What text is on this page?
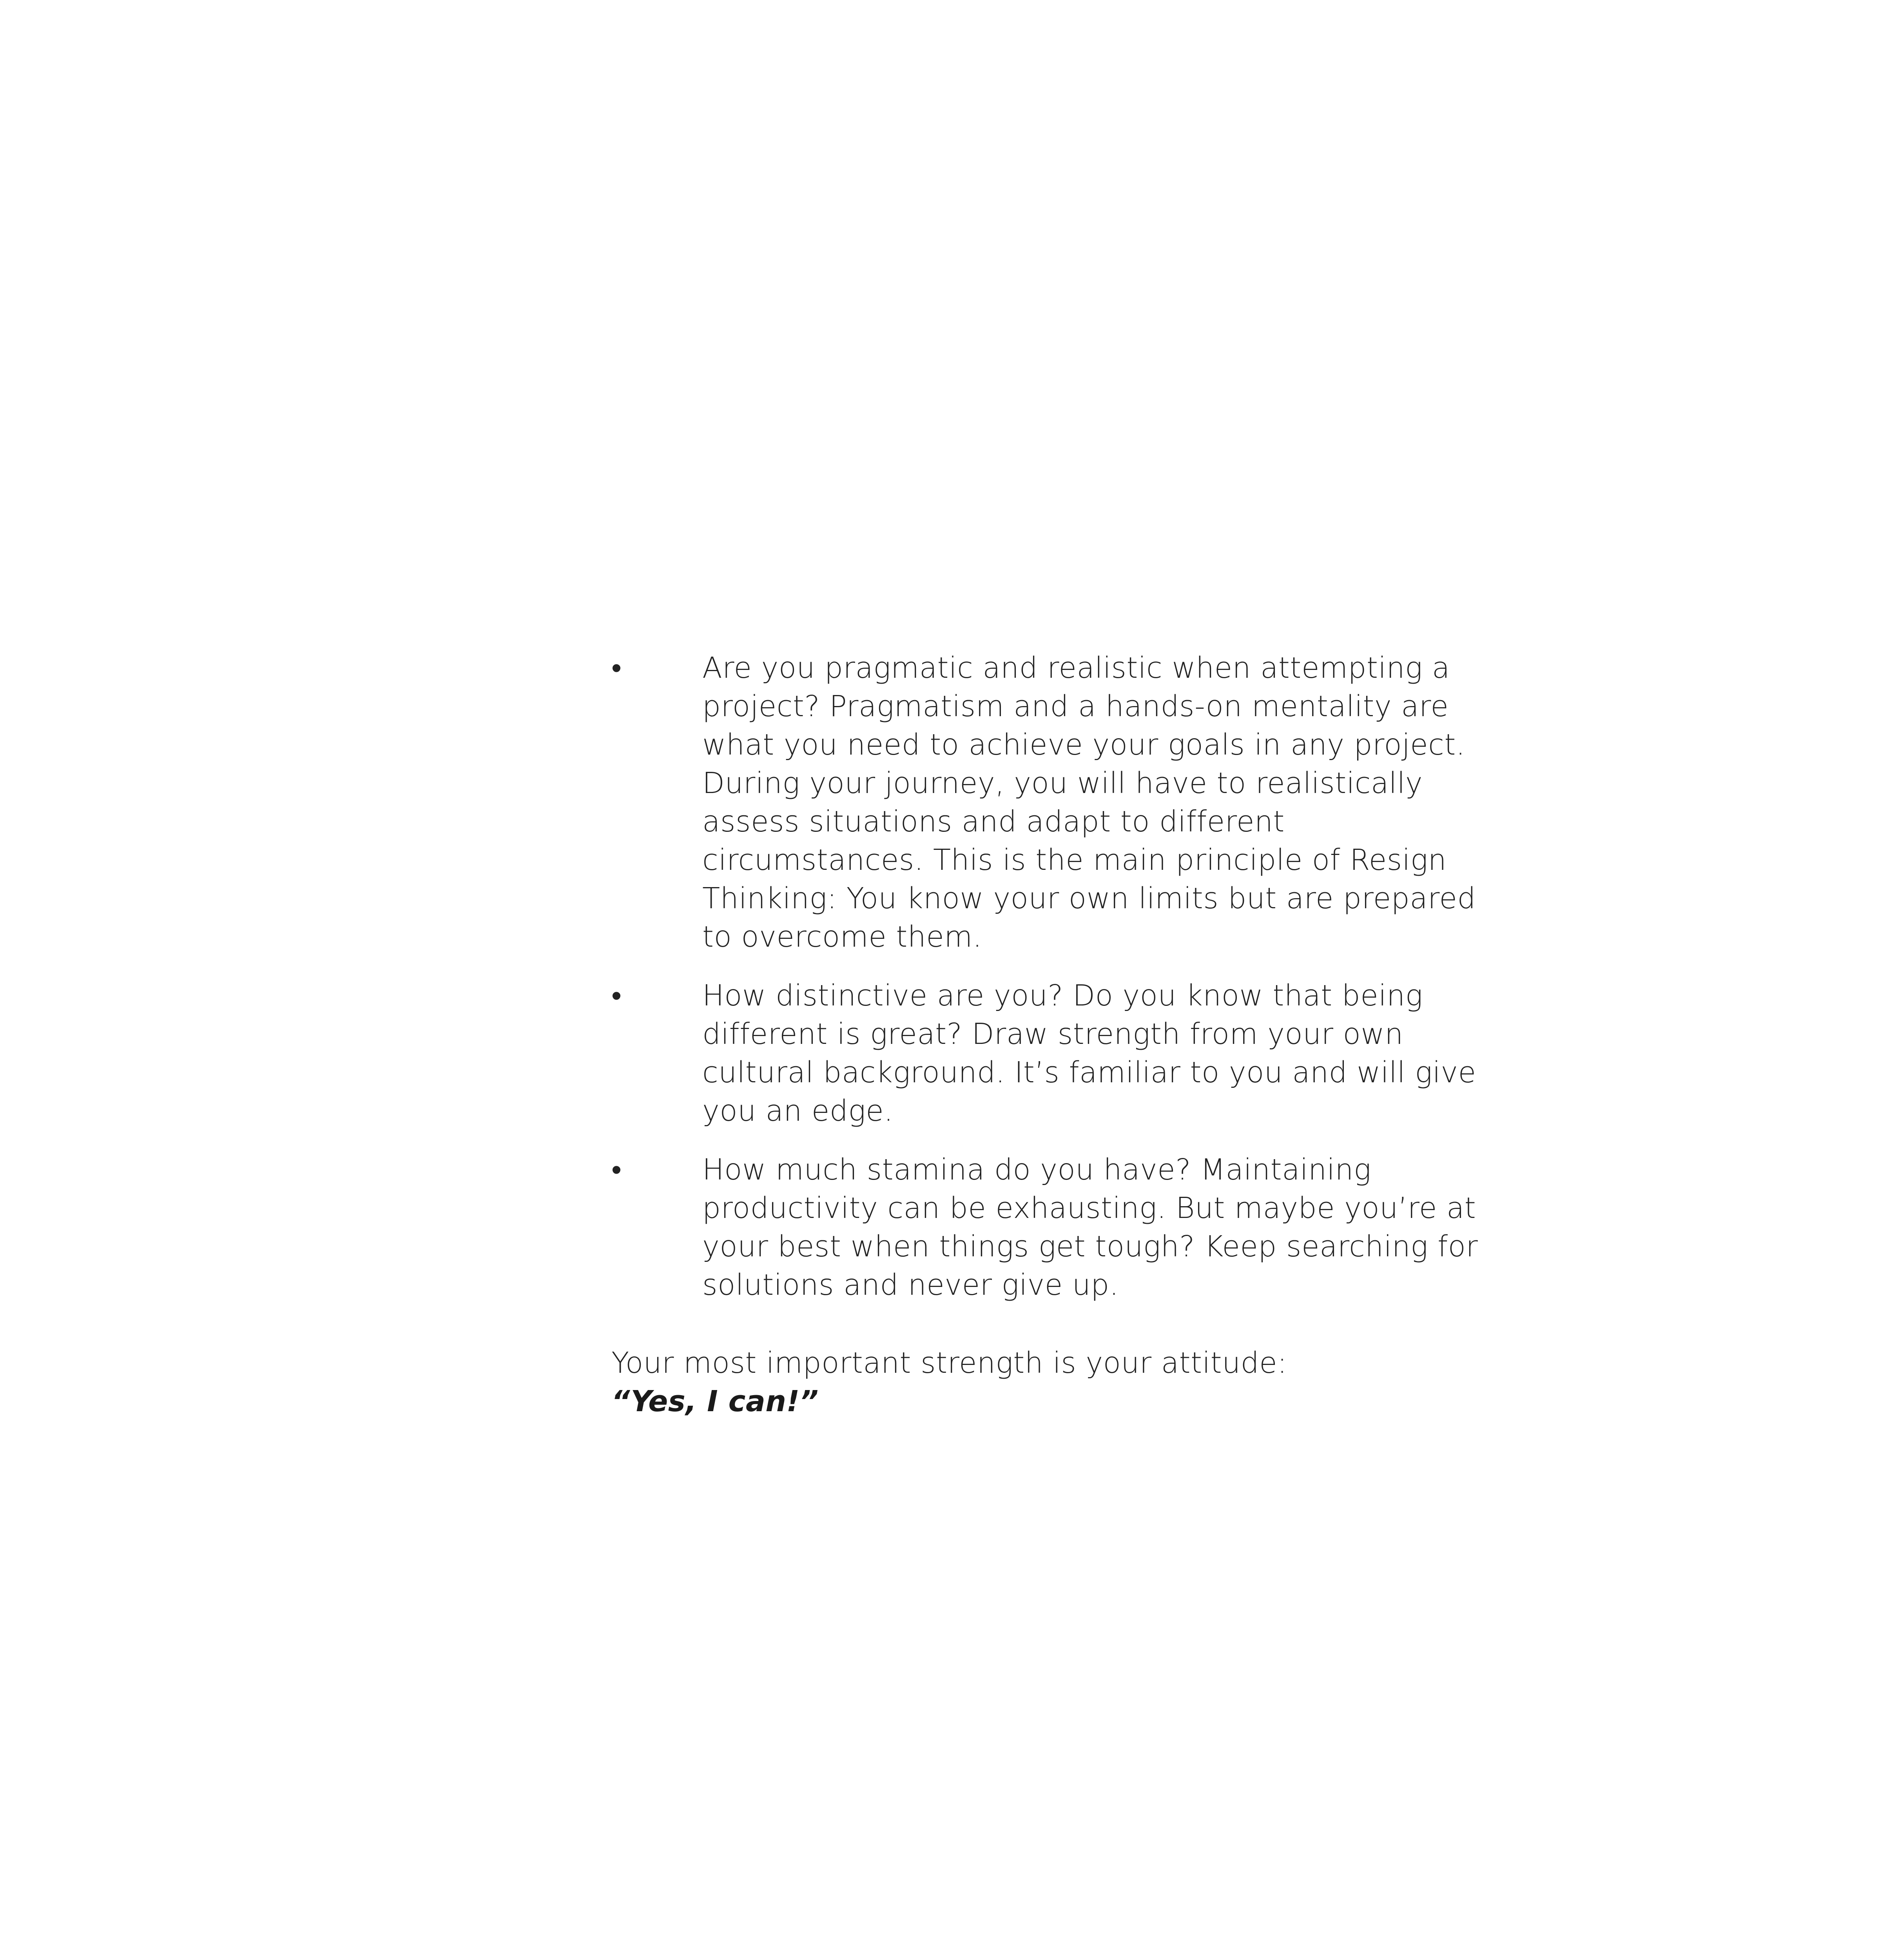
•	Are you pragmatic and realistic when attempting a project? Pragmatism and a hands-on mentality are what you need to achieve your goals in any project. During your journey, you will have to realistically assess situations and adapt to different circumstances. This is the main principle of Resign Thinking: You know your own limits but are prepared to overcome them.
•	How distinctive are you? Do you know that being different is great? Draw strength from your own cultural background. It’s familiar to you and will give you an edge.
•	How much stamina do you have? Maintaining productivity can be exhausting. But maybe you’re at your best when things get tough? Keep searching for solutions and never give up.
Your most important strength is your attitude:
“Yes, I can!”
